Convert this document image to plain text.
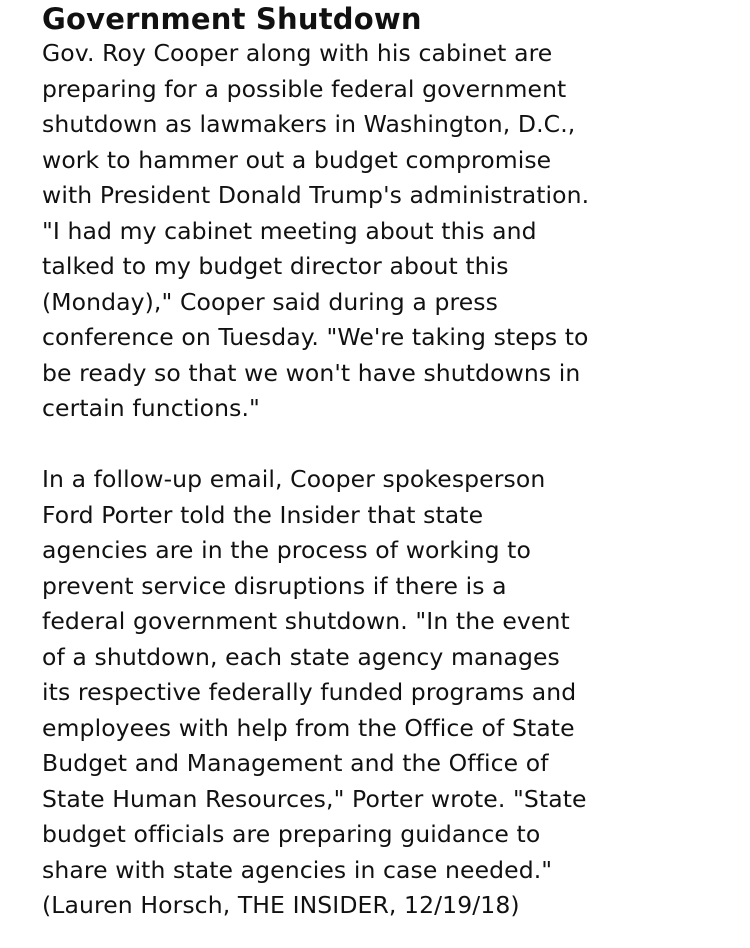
Government Shutdown
Gov. Roy Cooper along with his cabinet are
preparing for a possible federal government
shutdown as lawmakers in Washington, D.C.,
work to hammer out a budget compromise
with President Donald Trump's administration.
"I had my cabinet meeting about this and
talked to my budget director about this
(Monday)," Cooper said during a press
conference on Tuesday. "We're taking steps to
be ready so that we won't have shutdowns in
certain functions."
In a follow-up email, Cooper spokesperson
Ford Porter told the Insider that state
agencies are in the process of working to
prevent service disruptions if there is a
federal government shutdown. "In the event
of a shutdown, each state agency manages
its respective federally funded programs and
employees with help from the Office of State
Budget and Management and the Office of
State Human Resources," Porter wrote. "State
budget officials are preparing guidance to
share with state agencies in case needed."
(Lauren Horsch, THE INSIDER, 12/19/18)
